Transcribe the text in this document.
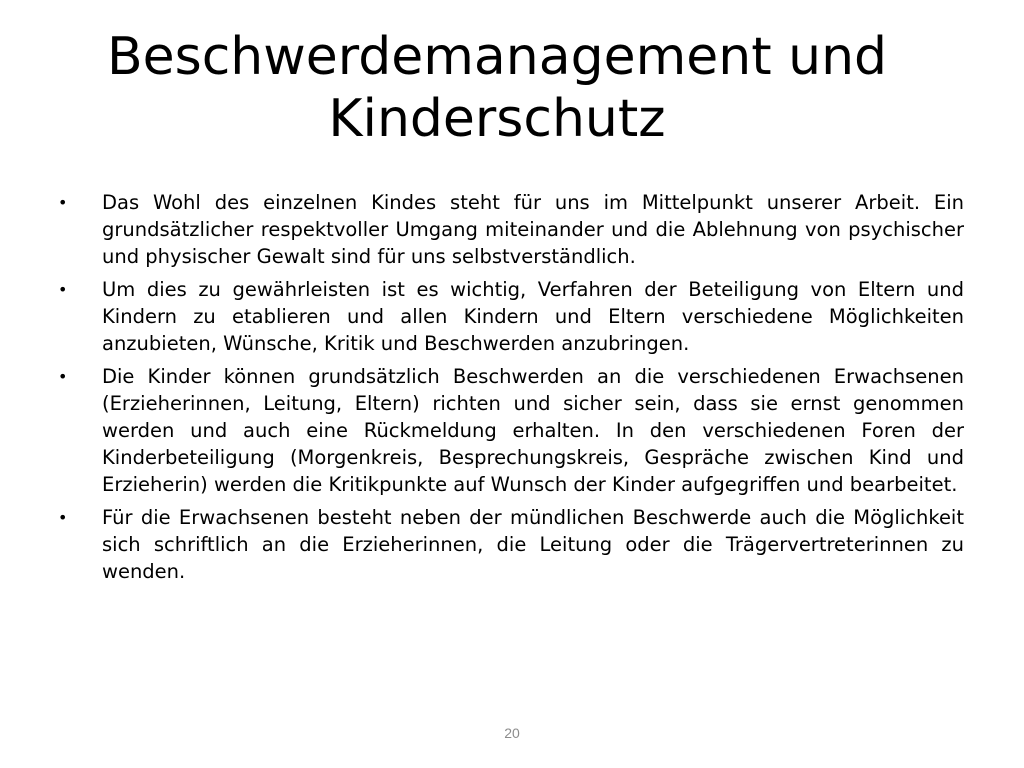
Beschwerdemanagement und
Kinderschutz
•	Das Wohl des einzelnen Kindes steht für uns im Mittelpunkt unserer Arbeit. Ein grundsätzlicher respektvoller Umgang miteinander und die Ablehnung von psychischer und physischer Gewalt sind für uns selbstverständlich.
•	Um dies zu gewährleisten ist es wichtig, Verfahren der Beteiligung von Eltern und Kindern zu etablieren und allen Kindern und Eltern verschiedene Möglichkeiten anzubieten, Wünsche, Kritik und Beschwerden anzubringen.
•	Die Kinder können grundsätzlich Beschwerden an die verschiedenen Erwachsenen (Erzieherinnen, Leitung, Eltern) richten und sicher sein, dass sie ernst genommen werden und auch eine Rückmeldung erhalten. In den verschiedenen Foren der Kinderbeteiligung (Morgenkreis, Besprechungskreis, Gespräche zwischen Kind und Erzieherin) werden die Kritikpunkte auf Wunsch der Kinder aufgegriffen und bearbeitet.
•	Für die Erwachsenen besteht neben der mündlichen Beschwerde auch die Möglichkeit sich schriftlich an die Erzieherinnen, die Leitung oder die Trägervertreterinnen zu wenden.
20
